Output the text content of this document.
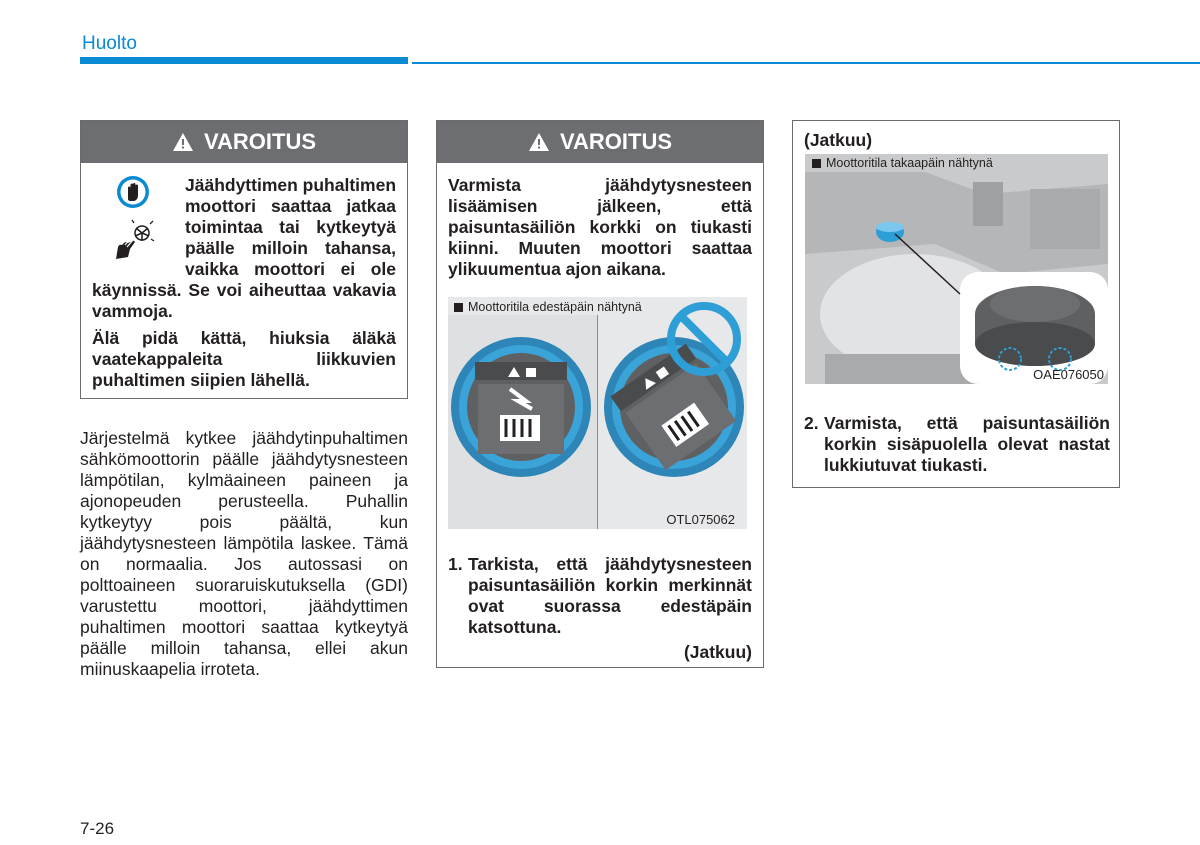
Huolto
VAROITUS

Jäähdyttimen puhaltimen moottori saattaa jatkaa toimintaa tai kytkeytyä päälle milloin tahansa, vaikka moottori ei ole käynnissä. Se voi aiheuttaa vakavia vammoja.

Älä pidä kättä, hiuksia äläkä vaatekappaleita liikkuvien puhaltimen siipien lähellä.

Järjestelmä kytkee jäähdytinpuhaltimen sähkömoottorin päälle jäähdytysnesteen lämpötilan, kylmäaineen paineen ja ajonopeuden perusteella. Puhallin kytkeytyy pois päältä, kun jäähdytysnesteen lämpötila laskee. Tämä on normaalia. Jos autossasi on polttoaineen suoraruiskutuksella (GDI) varustettu moottori, jäähdyttimen puhaltimen moottori saattaa kytkeytyä päälle milloin tahansa, ellei akun miinuskaapelia irroteta.
VAROITUS

Varmista jäähdytysnesteen lisäämisen jälkeen, että paisuntasäiliön korkki on tiukasti kiinni. Muuten moottori saattaa ylikuumentua ajon aikana.

Moottoritila edestäpäin nähtynä
OTL075062
1. Tarkista, että jäähdytysnesteen paisuntasäiliön korkin merkinnät ovat suorassa edestäpäin katsottuna.
(Jatkuu)
(Jatkuu)
Moottoritila takaapäin nähtynä
OAE076050
2. Varmista, että paisuntasäiliön korkin sisäpuolella olevat nastat lukkiutuvat tiukasti.
7-26
